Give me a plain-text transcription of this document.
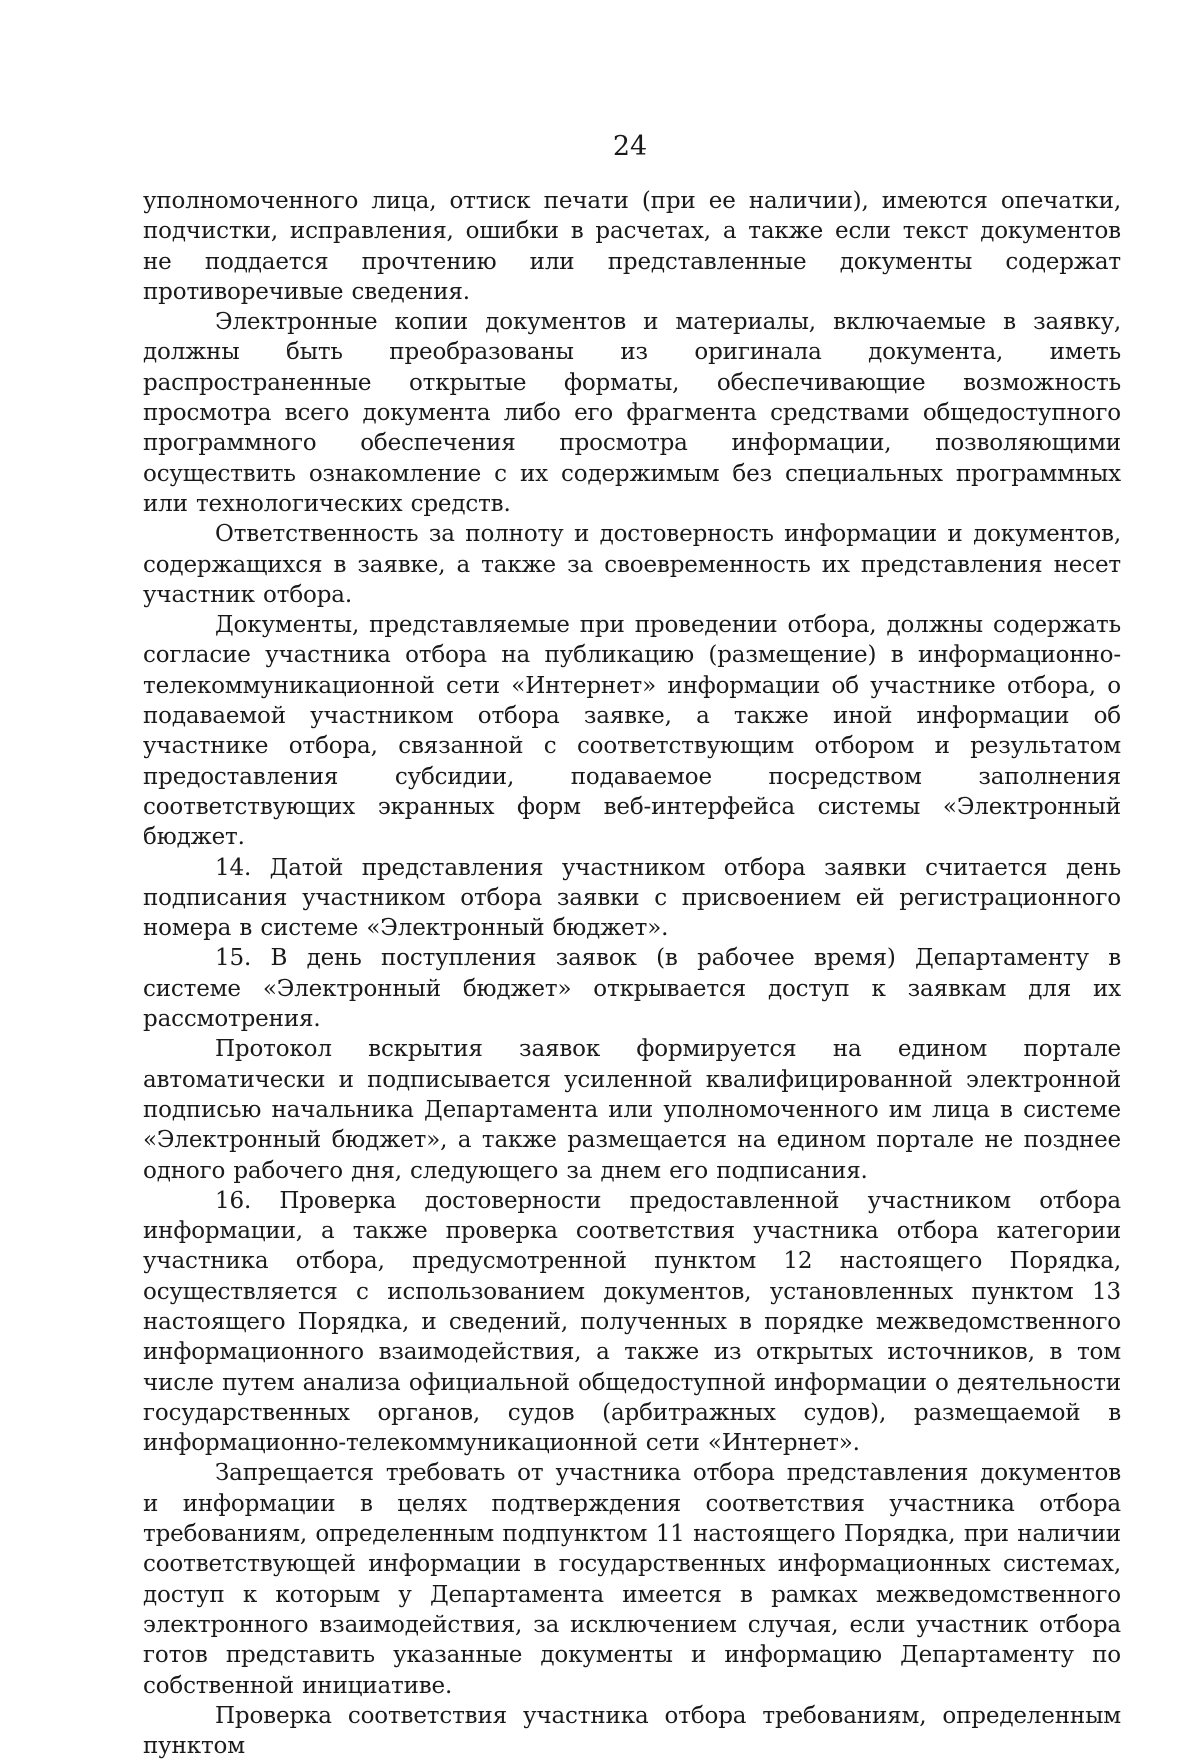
24

уполномоченного лица, оттиск печати (при ее наличии), имеются опечатки, подчистки, исправления, ошибки в расчетах, а также если текст документов не поддается прочтению или представленные документы содержат противоречивые сведения.

Электронные копии документов и материалы, включаемые в заявку, должны быть преобразованы из оригинала документа, иметь распространенные открытые форматы, обеспечивающие возможность просмотра всего документа либо его фрагмента средствами общедоступного программного обеспечения просмотра информации, позволяющими осуществить ознакомление с их содержимым без специальных программных или технологических средств.

Ответственность за полноту и достоверность информации и документов, содержащихся в заявке, а также за своевременность их представления несет участник отбора.

Документы, представляемые при проведении отбора, должны содержать согласие участника отбора на публикацию (размещение) в информационно-телекоммуникационной сети «Интернет» информации об участнике отбора, о подаваемой участником отбора заявке, а также иной информации об участнике отбора, связанной с соответствующим отбором и результатом предоставления субсидии, подаваемое посредством заполнения соответствующих экранных форм веб-интерфейса системы «Электронный бюджет.

14. Датой представления участником отбора заявки считается день подписания участником отбора заявки с присвоением ей регистрационного номера в системе «Электронный бюджет».

15. В день поступления заявок (в рабочее время) Департаменту в системе «Электронный бюджет» открывается доступ к заявкам для их рассмотрения.

Протокол вскрытия заявок формируется на едином портале автоматически и подписывается усиленной квалифицированной электронной подписью начальника Департамента или уполномоченного им лица в системе «Электронный бюджет», а также размещается на едином портале не позднее одного рабочего дня, следующего за днем его подписания.

16. Проверка достоверности предоставленной участником отбора информации, а также проверка соответствия участника отбора категории участника отбора, предусмотренной пунктом 12 настоящего Порядка, осуществляется с использованием документов, установленных пунктом 13 настоящего Порядка, и сведений, полученных в порядке межведомственного информационного взаимодействия, а также из открытых источников, в том числе путем анализа официальной общедоступной информации о деятельности государственных органов, судов (арбитражных судов), размещаемой в информационно-телекоммуникационной сети «Интернет».

Запрещается требовать от участника отбора представления документов и информации в целях подтверждения соответствия участника отбора требованиям, определенным подпунктом 11 настоящего Порядка, при наличии соответствующей информации в государственных информационных системах, доступ к которым у Департамента имеется в рамках межведомственного электронного взаимодействия, за исключением случая, если участник отбора готов представить указанные документы и информацию Департаменту по собственной инициативе.

Проверка соответствия участника отбора требованиям, определенным пунктом
